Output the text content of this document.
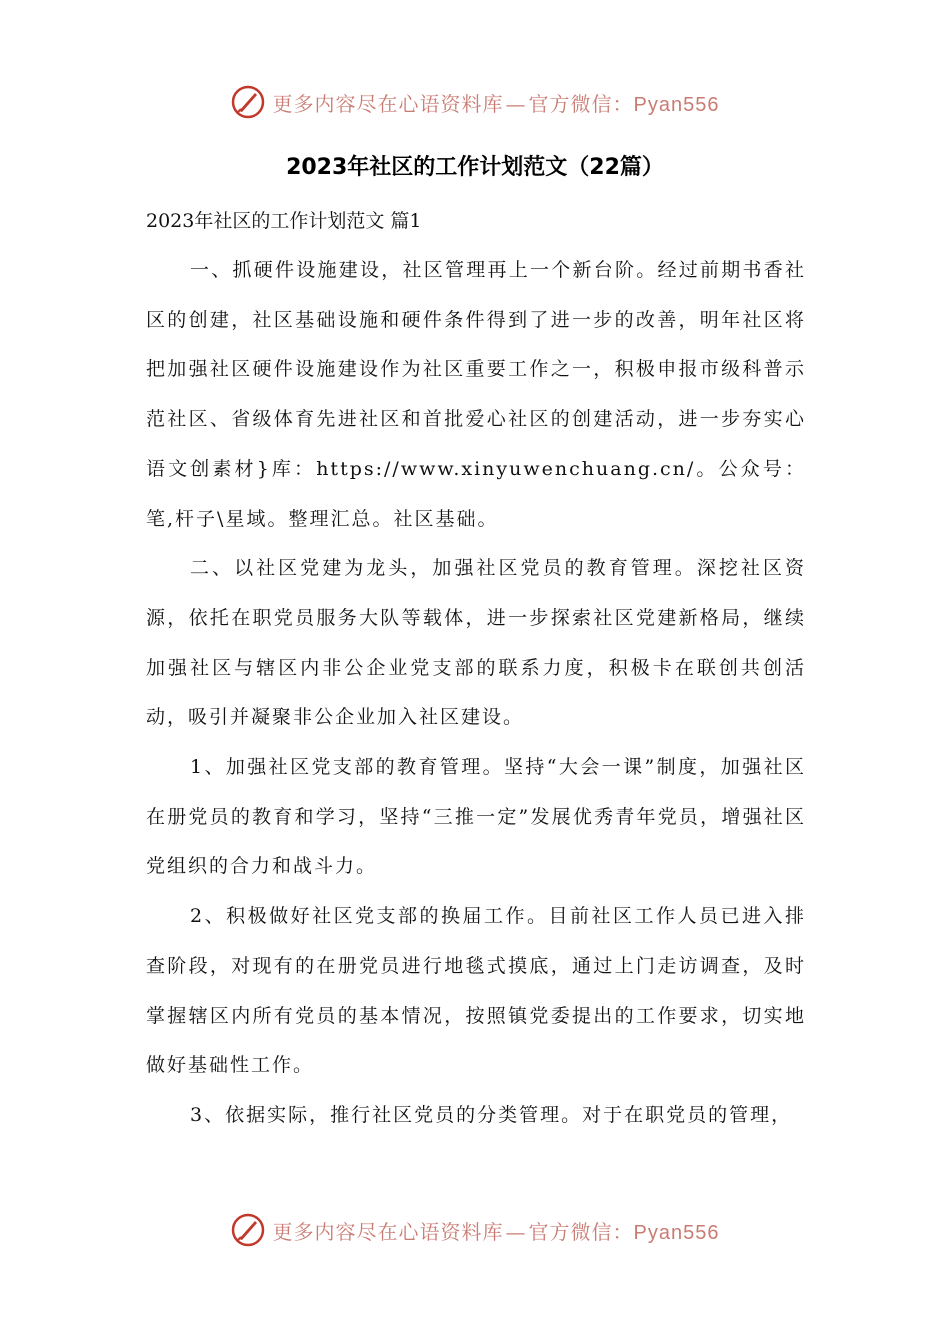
更多内容尽在心语资料库 — 官方微信：Pyan556
2023年社区的工作计划范文（22篇）
2023年社区的工作计划范文 篇1

一、抓硬件设施建设，社区管理再上一个新台阶。经过前期书香社区的创建，社区基础设施和硬件条件得到了进一步的改善，明年社区将把加强社区硬件设施建设作为社区重要工作之一，积极申报市级科普示范社区、省级体育先进社区和首批爱心社区的创建活动，进一步夯实心语文创素材}库：https://www.xinyuwenchuang.cn/。公众号：笔,杆子\星域。整理汇总。社区基础。

二、以社区党建为龙头，加强社区党员的教育管理。深挖社区资源，依托在职党员服务大队等载体，进一步探索社区党建新格局，继续加强社区与辖区内非公企业党支部的联系力度，积极卡在联创共创活动，吸引并凝聚非公企业加入社区建设。

1、加强社区党支部的教育管理。坚持“大会一课”制度，加强社区在册党员的教育和学习，坚持“三推一定”发展优秀青年党员，增强社区党组织的合力和战斗力。

2、积极做好社区党支部的换届工作。目前社区工作人员已进入排查阶段，对现有的在册党员进行地毯式摸底，通过上门走访调查，及时掌握辖区内所有党员的基本情况，按照镇党委提出的工作要求，切实地做好基础性工作。

3、依据实际，推行社区党员的分类管理。对于在职党员的管理，

更多内容尽在心语资料库 — 官方微信：Pyan556
